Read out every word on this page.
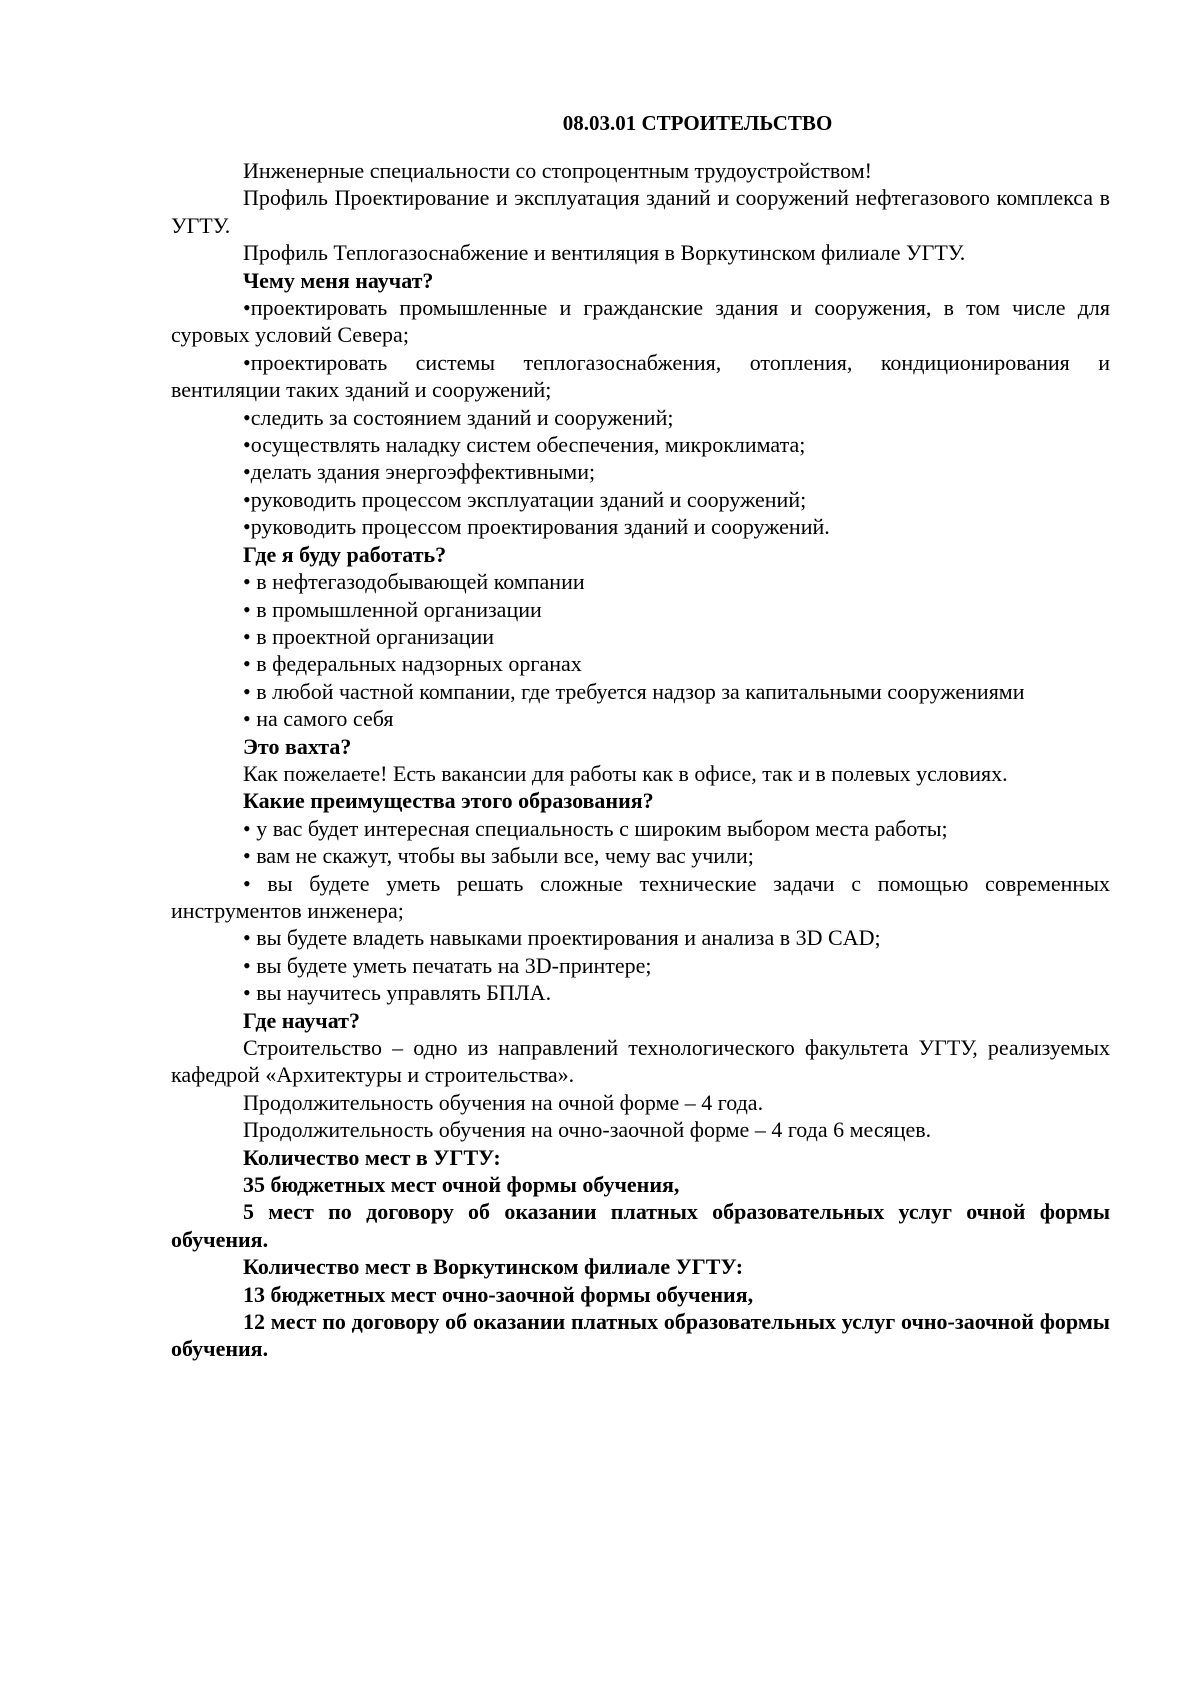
08.03.01 СТРОИТЕЛЬСТВО

Инженерные специальности со стопроцентным трудоустройством!

Профиль Проектирование и эксплуатация зданий и сооружений нефтегазового комплекса в УГТУ.

Профиль Теплогазоснабжение и вентиляция в Воркутинском филиале УГТУ.

Чему меня научат?

•проектировать промышленные и гражданские здания и сооружения, в том числе для суровых условий Севера;

•проектировать системы теплогазоснабжения, отопления, кондиционирования и вентиляции таких зданий и сооружений;

•следить за состоянием зданий и сооружений;

•осуществлять наладку систем обеспечения, микроклимата;

•делать здания энергоэффективными;

•руководить процессом эксплуатации зданий и сооружений;

•руководить процессом проектирования зданий и сооружений.

Где я буду работать?

• в нефтегазодобывающей компании

• в промышленной организации

• в проектной организации

• в федеральных надзорных органах

• в любой частной компании, где требуется надзор за капитальными сооружениями

• на самого себя

Это вахта?

Как пожелаете! Есть вакансии для работы как в офисе, так и в полевых условиях.

Какие преимущества этого образования?

• у вас будет интересная специальность с широким выбором места работы;

• вам не скажут, чтобы вы забыли все, чему вас учили;

• вы будете уметь решать сложные технические задачи с помощью современных инструментов инженера;

• вы будете владеть навыками проектирования и анализа в 3D CAD;

• вы будете уметь печатать на 3D-принтере;

• вы научитесь управлять БПЛА.

Где научат?

Строительство – одно из направлений технологического факультета УГТУ, реализуемых кафедрой «Архитектуры и строительства».

Продолжительность обучения на очной форме – 4 года.

Продолжительность обучения на очно-заочной форме – 4 года 6 месяцев.

Количество мест в УГТУ:

35 бюджетных мест очной формы обучения,

5 мест по договору об оказании платных образовательных услуг очной формы обучения.

Количество мест в Воркутинском филиале УГТУ:

13 бюджетных мест очно-заочной формы обучения,

12 мест по договору об оказании платных образовательных услуг очно-заочной формы обучения.
